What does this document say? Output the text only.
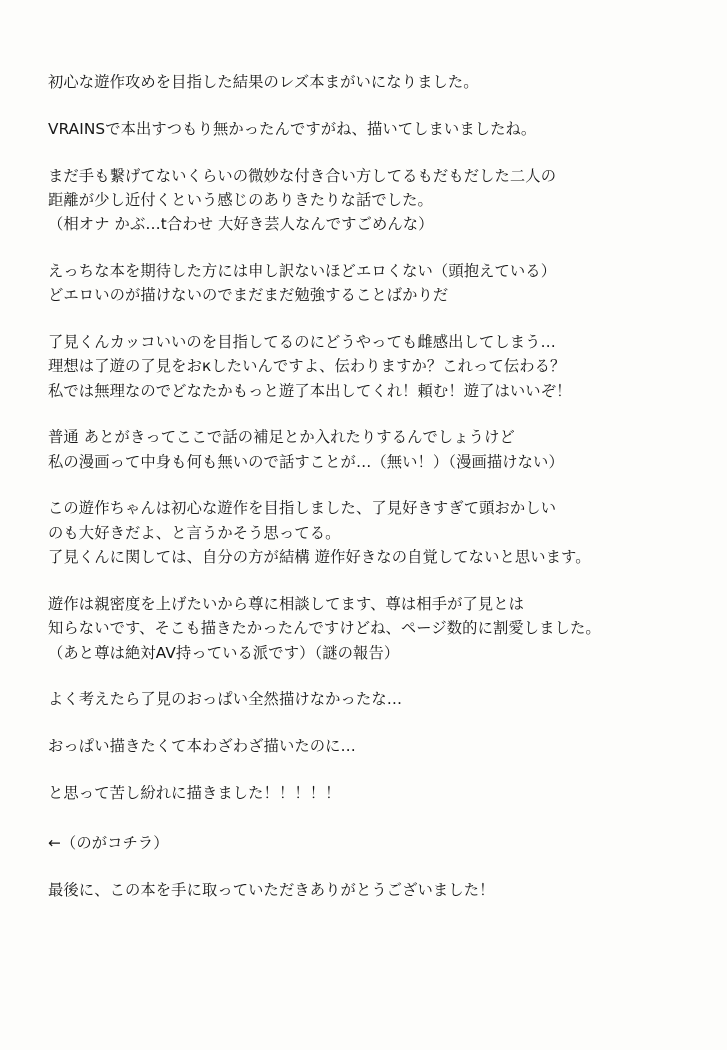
初心な遊作攻めを目指した結果のレズ本まがいになりました。
VRAINSで本出すつもり無かったんですがね、描いてしまいましたね。
まだ手も繋げてないくらいの微妙な付き合い方してるもだもだした二人の
距離が少し近付くという感じのありきたりな話でした。
（相オナ かぶ…t合わせ 大好き芸人なんですごめんな）
えっちな本を期待した方には申し訳ないほどエロくない（頭抱えている）
どエロいのが描けないのでまだまだ勉強することばかりだ
了見くんカッコいいのを目指してるのにどうやっても雌感出してしまう…
理想は了遊の了見をおкしたいんですよ、伝わりますか？これって伝わる？
私では無理なのでどなたかもっと遊了本出してくれ！頼む！遊了はいいぞ！
普通 あとがきってここで話の補足とか入れたりするんでしょうけど
私の漫画って中身も何も無いので話すことが…（無い！）（漫画描けない）
この遊作ちゃんは初心な遊作を目指しました、了見好きすぎて頭おかしい
のも大好きだよ、と言うかそう思ってる。
了見くんに関しては、自分の方が結構 遊作好きなの自覚してないと思います。
遊作は親密度を上げたいから尊に相談してます、尊は相手が了見とは
知らないです、そこも描きたかったんですけどね、ページ数的に割愛しました。
（あと尊は絶対AV持っている派です）（謎の報告）
よく考えたら了見のおっぱい全然描けなかったな…
おっぱい描きたくて本わざわざ描いたのに…
と思って苦し紛れに描きました！！！！！
←（のがコチラ）
最後に、この本を手に取っていただきありがとうございました！
